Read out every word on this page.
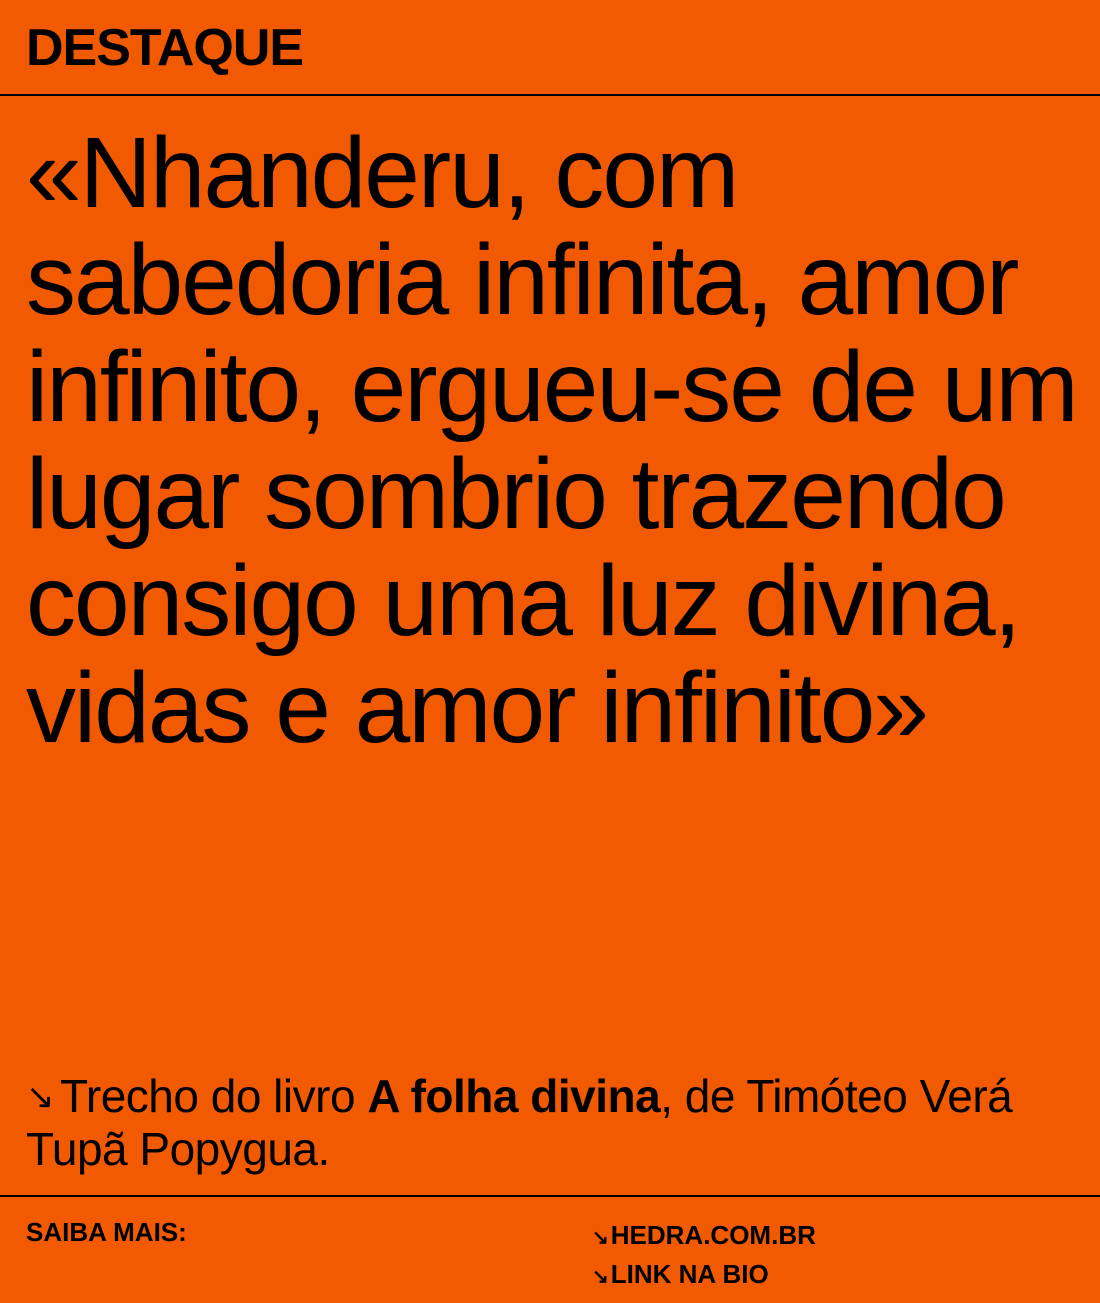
DESTAQUE

«Nhanderu, com sabedoria infinita, amor infinito, ergueu-se de um lugar sombrio trazendo consigo uma luz divina, vidas e amor infinito»

↘ Trecho do livro A folha divina, de Timóteo Verá Tupã Popygua.

SAIBA MAIS:	↘HEDRA.COM.BR
↘LINK NA BIO
